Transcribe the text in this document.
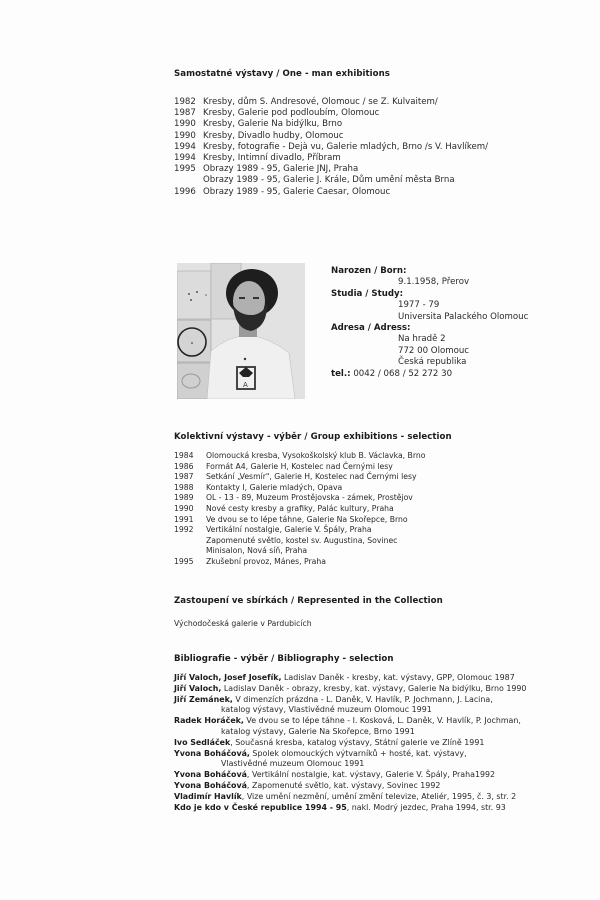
Samostatné výstavy / One - man exhibitions
1982 Kresby, dům S. Andresové, Olomouc / se Z. Kulvaitem/
1987 Kresby, Galerie pod podloubím, Olomouc
1990 Kresby, Galerie Na bidýlku, Brno
1990 Kresby, Divadlo hudby, Olomouc
1994 Kresby, fotografie - Dejà vu, Galerie mladých, Brno /s V. Havlíkem/
1994 Kresby, Intimní divadlo, Příbram
1995 Obrazy 1989 - 95, Galerie JNJ, Praha
Obrazy 1989 - 95, Galerie J. Krále, Dům umění města Brna
1996 Obrazy 1989 - 95, Galerie Caesar, Olomouc
A
Narozen / Born:
9.1.1958, Přerov
Studia / Study:
1977 - 79
Universita Palackého Olomouc
Adresa / Adress:
Na hradě 2
772 00 Olomouc
Česká republika
tel.: 0042 / 068 / 52 272 30
Kolektivní výstavy - výběr / Group exhibitions - selection
1984	Olomoucká kresba, Vysokoškolský klub B. Václavka, Brno
1986	Formát A4, Galerie H, Kostelec nad Černými lesy
1987	Setkání „Vesmír", Galerie H, Kostelec nad Černými lesy
1988	Kontakty I, Galerie mladých, Opava
1989	OL - 13 - 89, Muzeum Prostějovska - zámek, Prostějov
1990	Nové cesty kresby a grafiky, Palác kultury, Praha
1991	Ve dvou se to lépe táhne, Galerie Na Skořepce, Brno
1992	Vertikální nostalgie, Galerie V. Špály, Praha
Zapomenuté světlo, kostel sv. Augustina, Sovinec
Minisalon, Nová síň, Praha
1995	Zkušební provoz, Mánes, Praha
Zastoupení ve sbírkách / Represented in the Collection
Východočeská galerie v Pardubicích
Bibliografie - výběr / Bibliography - selection
Jiří Valoch, Josef Josefík, Ladislav Daněk - kresby, kat. výstavy, GPP, Olomouc 1987
Jiří Valoch, Ladislav Daněk - obrazy, kresby, kat. výstavy, Galerie Na bidýlku, Brno 1990
Jiří Zemánek, V dimenzích prázdna - L. Daněk, V. Havlík, P. Jochmann, J. Lacina,
katalog výstavy, Vlastivědné muzeum Olomouc 1991
Radek Horáček, Ve dvou se to lépe táhne - I. Kosková, L. Daněk, V. Havlík, P. Jochman,
katalog výstavy, Galerie Na Skořepce, Brno 1991
Ivo Sedláček, Současná kresba, katalog výstavy, Státní galerie ve Zlíně 1991
Yvona Boháčová, Spolek olomouckých výtvarníků + hosté, kat. výstavy,
Vlastivědné muzeum Olomouc 1991
Yvona Boháčová, Vertikální nostalgie, kat. výstavy, Galerie V. Špály, Praha1992
Yvona Boháčová, Zapomenuté světlo, kat. výstavy, Sovinec 1992
Vladimír Havlík, Vize umění nezmění, umění změní televize, Ateliér, 1995, č. 3, str. 2
Kdo je kdo v České republice 1994 - 95, nakl. Modrý jezdec, Praha 1994, str. 93
